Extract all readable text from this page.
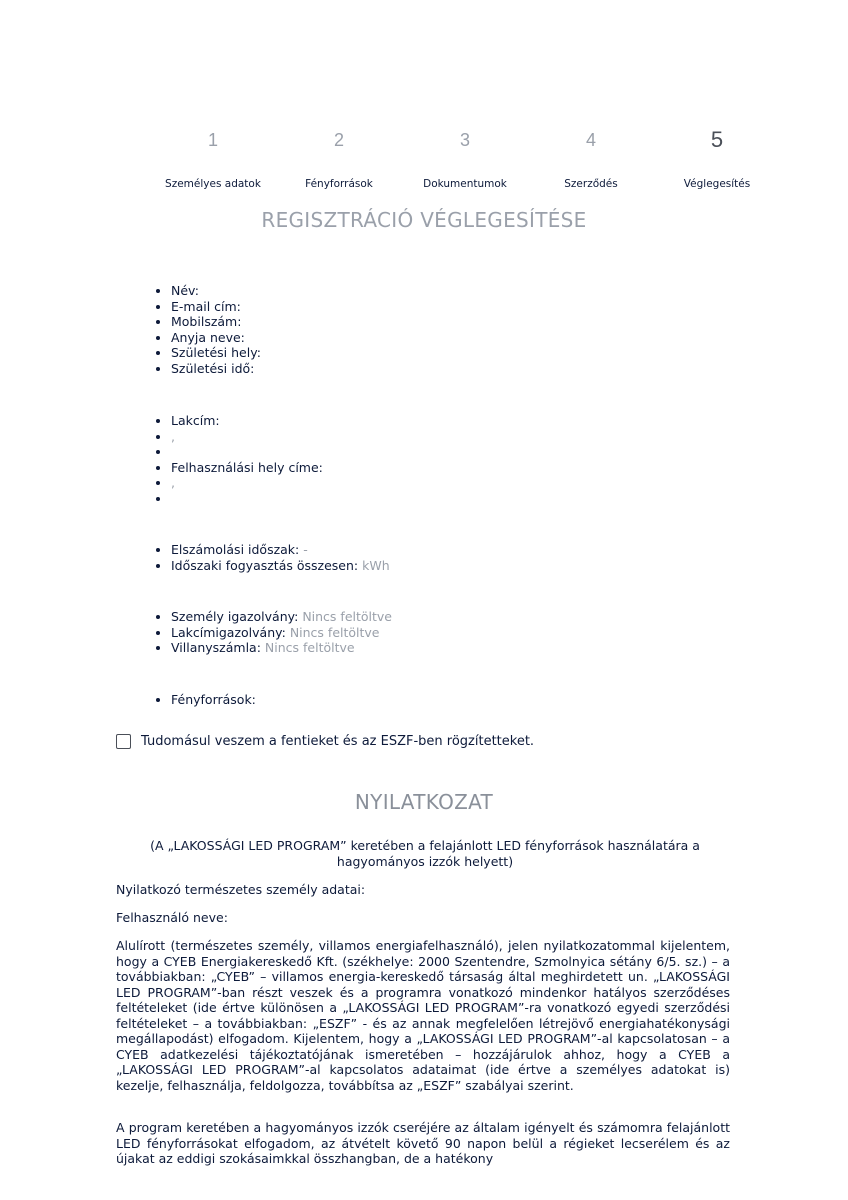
1
Személyes adatok
2
Fényforrások
3
Dokumentumok
4
Szerződés
5
Véglegesítés
REGISZTRÁCIÓ VÉGLEGESÍTÉSE
• Név:
• E-mail cím:
• Mobilszám:
• Anyja neve:
• Születési hely:
• Születési idő:
• Lakcím:
• ,
•
• Felhasználási hely címe:
• ,
•
• Elszámolási időszak: -
• Időszaki fogyasztás összesen: kWh
• Személy igazolvány: Nincs feltöltve
• Lakcímigazolvány: Nincs feltöltve
• Villanyszámla: Nincs feltöltve
• Fényforrások:
Tudomásul veszem a fentieket és az ESZF-ben rögzítetteket.
NYILATKOZAT
(A „LAKOSSÁGI LED PROGRAM” keretében a felajánlott LED fényforrások használatára a hagyományos izzók helyett)

Nyilatkozó természetes személy adatai:

Felhasználó neve:

Alulírott (természetes személy, villamos energiafelhasználó), jelen nyilatkozatommal kijelentem, hogy a CYEB Energiakereskedő Kft. (székhelye: 2000 Szentendre, Szmolnyica sétány 6/5. sz.) – a továbbiakban: „CYEB” – villamos energia-kereskedő társaság által meghirdetett un. „LAKOSSÁGI LED PROGRAM”-ban részt veszek és a programra vonatkozó mindenkor hatályos szerződéses feltételeket (ide értve különösen a „LAKOSSÁGI LED PROGRAM”-ra vonatkozó egyedi szerződési feltételeket – a továbbiakban: „ESZF” - és az annak megfelelően létrejövő energiahatékonysági megállapodást) elfogadom. Kijelentem, hogy a „LAKOSSÁGI LED PROGRAM”-al kapcsolatosan – a CYEB adatkezelési tájékoztatójának ismeretében – hozzájárulok ahhoz, hogy a CYEB a „LAKOSSÁGI LED PROGRAM”-al kapcsolatos adataimat (ide értve a személyes adatokat is) kezelje, felhasználja, feldolgozza, továbbítsa az „ESZF” szabályai szerint.

A program keretében a hagyományos izzók cseréjére az általam igényelt és számomra felajánlott LED fényforrásokat elfogadom, az átvételt követő 90 napon belül a régieket lecserélem és az újakat az eddigi szokásaimkkal összhangban, de a hatékony
